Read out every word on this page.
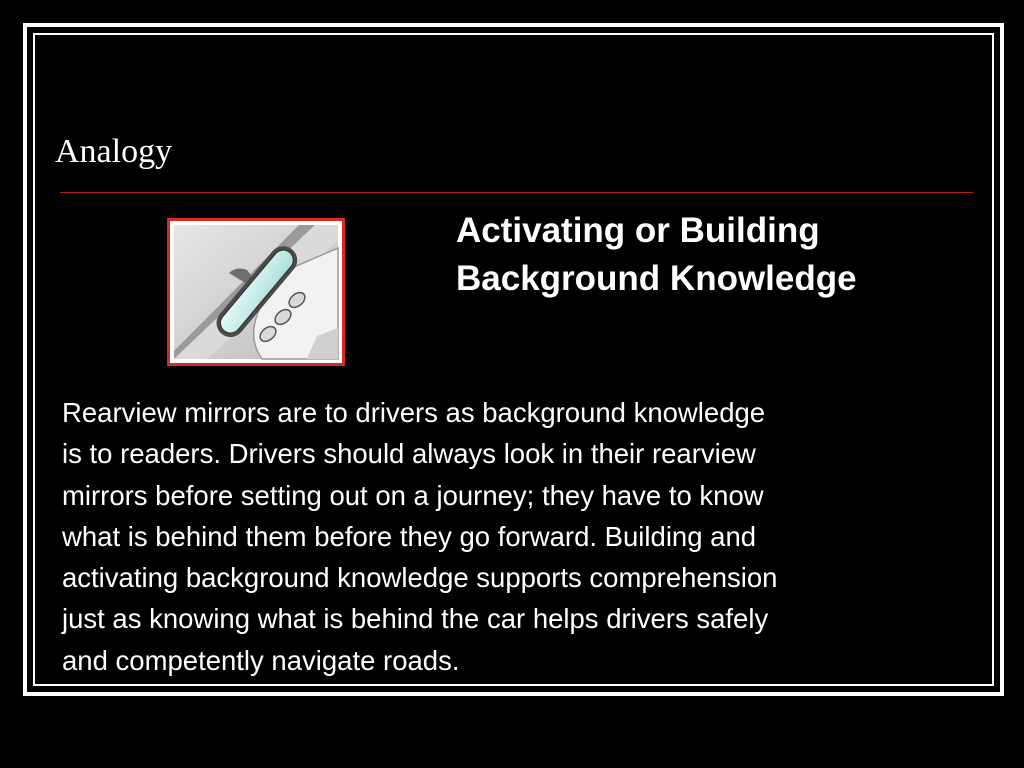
Analogy
Activating or Building
Background Knowledge

Rearview mirrors are to drivers as background knowledge
is to readers. Drivers should always look in their rearview
mirrors before setting out on a journey; they have to know
what is behind them before they go forward. Building and
activating background knowledge supports comprehension
just as knowing what is behind the car helps drivers safely
and competently navigate roads.
